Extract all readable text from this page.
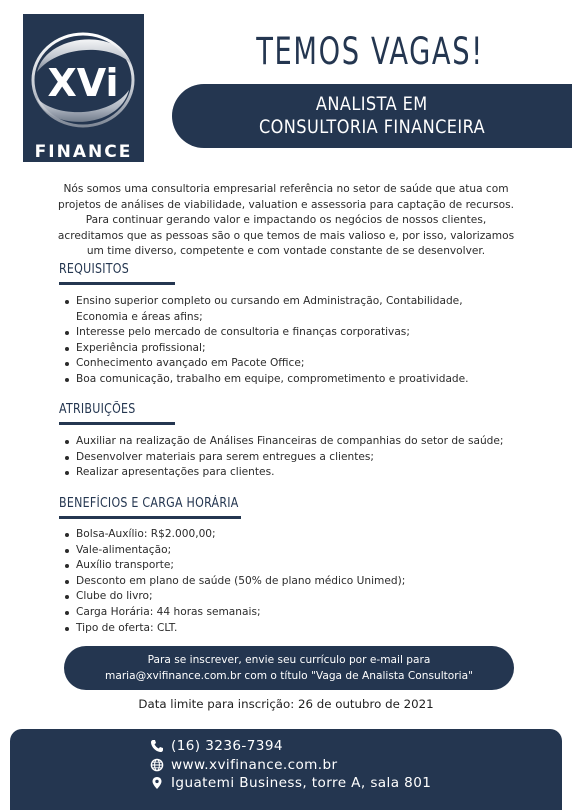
XVi
FINANCE
TEMOS VAGAS!
ANALISTA EM
CONSULTORIA FINANCEIRA
Nós somos uma consultoria empresarial referência no setor de saúde que atua com
projetos de análises de viabilidade, valuation e assessoria para captação de recursos.
Para continuar gerando valor e impactando os negócios de nossos clientes,
acreditamos que as pessoas são o que temos de mais valioso e, por isso, valorizamos
um time diverso, competente e com vontade constante de se desenvolver.
REQUISITOS
Ensino superior completo ou cursando em Administração, Contabilidade,
Economia e áreas afins;
Interesse pelo mercado de consultoria e finanças corporativas;
Experiência profissional;
Conhecimento avançado em Pacote Office;
Boa comunicação, trabalho em equipe, comprometimento e proatividade.
ATRIBUIÇÕES
Auxiliar na realização de Análises Financeiras de companhias do setor de saúde;
Desenvolver materiais para serem entregues a clientes;
Realizar apresentações para clientes.
BENEFÍCIOS E CARGA HORÁRIA
Bolsa-Auxílio: R$2.000,00;
Vale-alimentação;
Auxílio transporte;
Desconto em plano de saúde (50% de plano médico Unimed);
Clube do livro;
Carga Horária: 44 horas semanais;
Tipo de oferta: CLT.
Para se inscrever, envie seu currículo por e-mail para
maria@xvifinance.com.br com o título "Vaga de Analista Consultoria"
Data limite para inscrição: 26 de outubro de 2021
(16) 3236-7394
www.xvifinance.com.br
Iguatemi Business, torre A, sala 801
